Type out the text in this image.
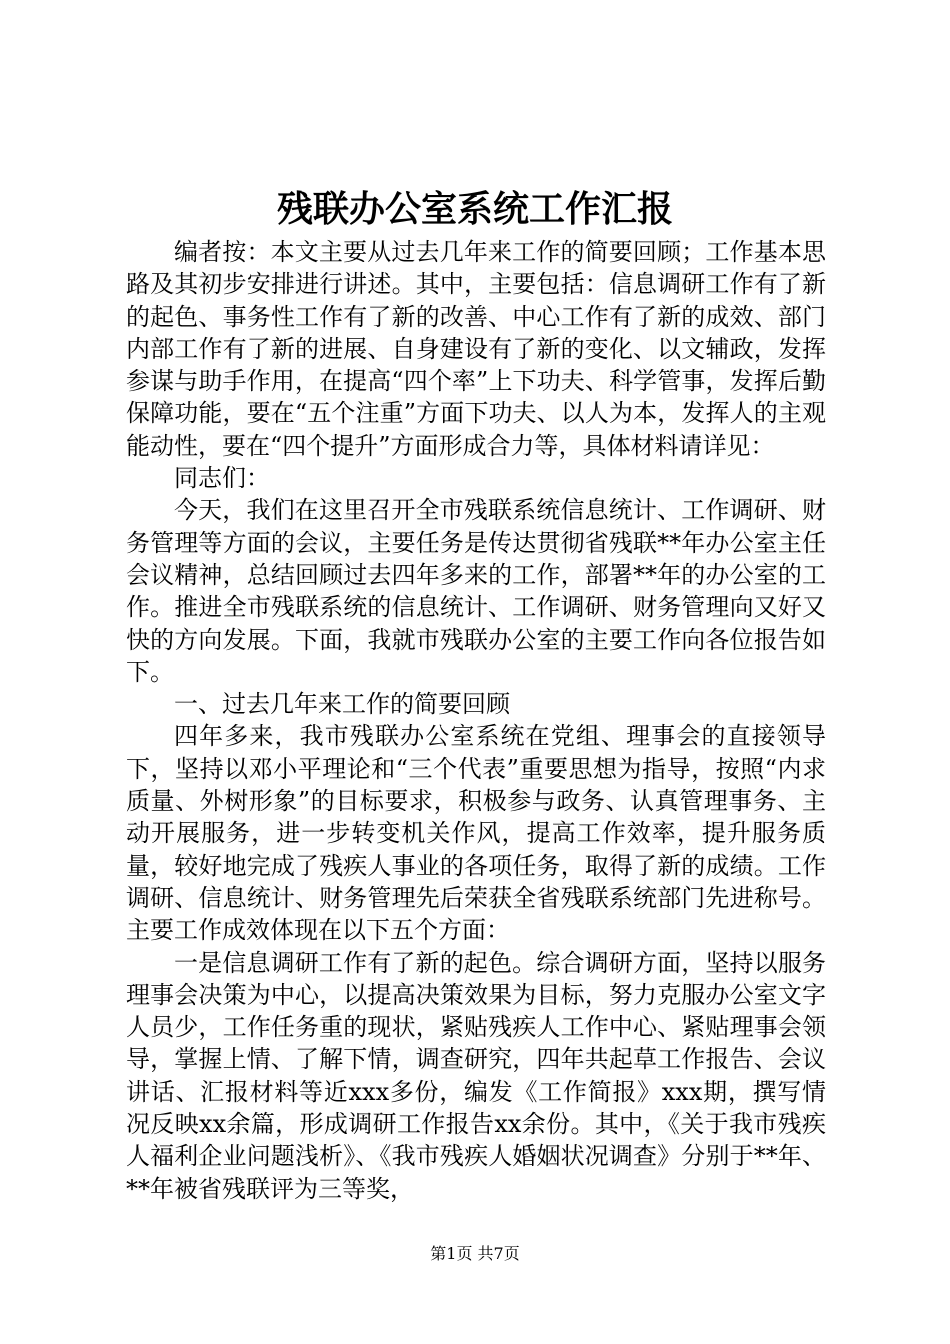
残联办公室系统工作汇报

编者按：本文主要从过去几年来工作的简要回顾；工作基本思路及其初步安排进行讲述。其中，主要包括：信息调研工作有了新的起色、事务性工作有了新的改善、中心工作有了新的成效、部门内部工作有了新的进展、自身建设有了新的变化、以文辅政，发挥参谋与助手作用，在提高“四个率”上下功夫、科学管事，发挥后勤保障功能，要在“五个注重”方面下功夫、以人为本，发挥人的主观能动性，要在“四个提升”方面形成合力等，具体材料请详见：

同志们：

今天，我们在这里召开全市残联系统信息统计、工作调研、财务管理等方面的会议，主要任务是传达贯彻省残联**年办公室主任会议精神，总结回顾过去四年多来的工作，部署**年的办公室的工作。推进全市残联系统的信息统计、工作调研、财务管理向又好又快的方向发展。下面，我就市残联办公室的主要工作向各位报告如下。

一、过去几年来工作的简要回顾

四年多来，我市残联办公室系统在党组、理事会的直接领导下，坚持以邓小平理论和“三个代表”重要思想为指导，按照“内求质量、外树形象”的目标要求，积极参与政务、认真管理事务、主动开展服务，进一步转变机关作风，提高工作效率，提升服务质量，较好地完成了残疾人事业的各项任务，取得了新的成绩。工作调研、信息统计、财务管理先后荣获全省残联系统部门先进称号。主要工作成效体现在以下五个方面：

一是信息调研工作有了新的起色。综合调研方面，坚持以服务理事会决策为中心，以提高决策效果为目标，努力克服办公室文字人员少，工作任务重的现状，紧贴残疾人工作中心、紧贴理事会领导，掌握上情、了解下情，调查研究，四年共起草工作报告、会议讲话、汇报材料等近xxx多份，编发《工作简报》xxx期，撰写情况反映xx余篇，形成调研工作报告xx余份。其中，《关于我市残疾人福利企业问题浅析》、《我市残疾人婚姻状况调查》分别于**年、**年被省残联评为三等奖，

第1页 共7页
